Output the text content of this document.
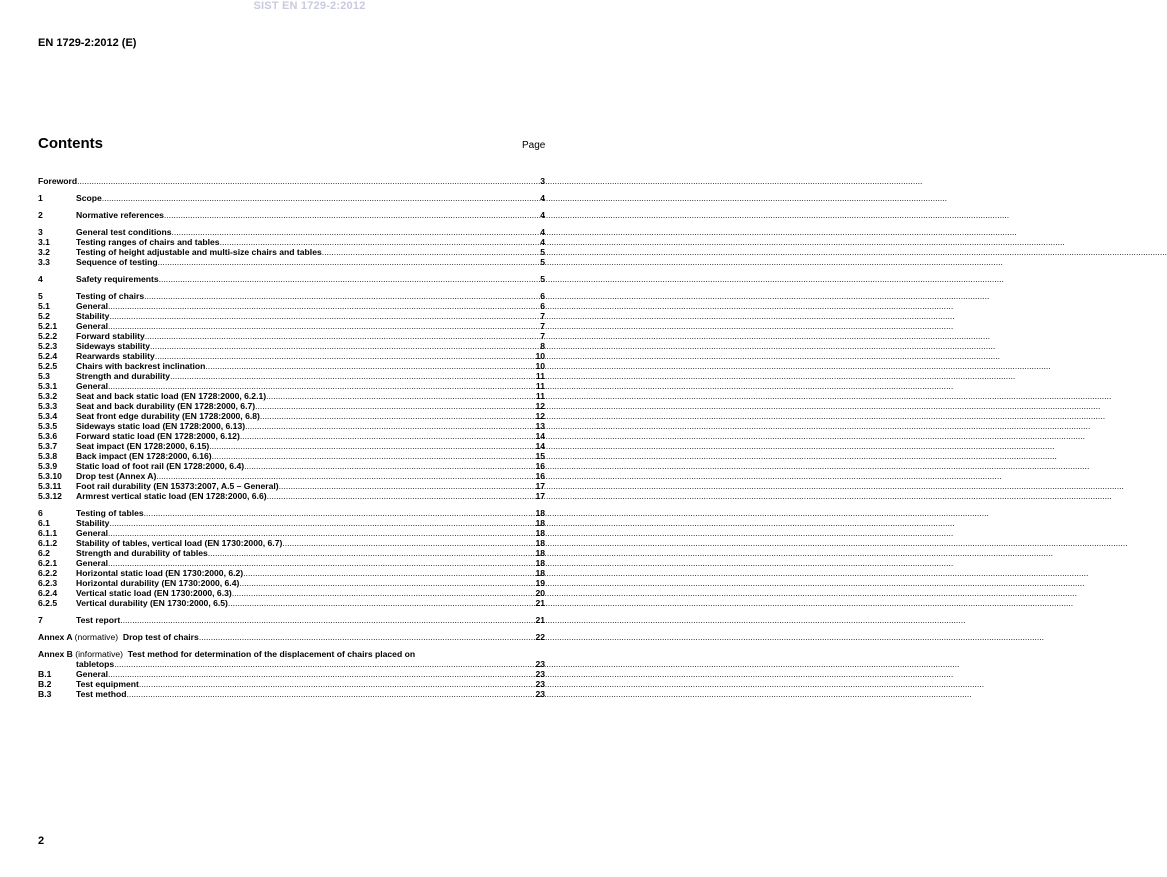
SIST EN 1729-2:2012
EN 1729-2:2012 (E)
Contents	Page
Foreword .....	3
1	Scope .....	4
2	Normative references .....	4
3	General test conditions .....	4
3.1	Testing ranges of chairs and tables .....	4
3.2	Testing of height adjustable and multi-size chairs and tables .....	5
3.3	Sequence of testing .....	5
4	Safety requirements .....	5
5	Testing of chairs .....	6
5.1	General .....	6
5.2	Stability .....	7
5.2.1	General .....	7
5.2.2	Forward stability .....	7
5.2.3	Sideways stability .....	8
5.2.4	Rearwards stability .....	10
5.2.5	Chairs with backrest inclination .....	10
5.3	Strength and durability .....	11
5.3.1	General .....	11
5.3.2	Seat and back static load (EN 1728:2000, 6.2.1) .....	11
5.3.3	Seat and back durability (EN 1728:2000, 6.7) .....	12
5.3.4	Seat front edge durability (EN 1728:2000, 6.8) .....	12
5.3.5	Sideways static load (EN 1728:2000, 6.13) .....	13
5.3.6	Forward static load (EN 1728:2000, 6.12) .....	14
5.3.7	Seat impact (EN 1728:2000, 6.15) .....	14
5.3.8	Back impact (EN 1728:2000, 6.16) .....	15
5.3.9	Static load of foot rail (EN 1728:2000, 6.4) .....	16
5.3.10	Drop test (Annex A) .....	16
5.3.11	Foot rail durability (EN 15373:2007, A.5 – General) .....	17
5.3.12	Armrest vertical static load (EN 1728:2000, 6.6) .....	17
6	Testing of tables .....	18
6.1	Stability .....	18
6.1.1	General .....	18
6.1.2	Stability of tables, vertical load (EN 1730:2000, 6.7) .....	18
6.2	Strength and durability of tables .....	18
6.2.1	General .....	18
6.2.2	Horizontal static load (EN 1730:2000, 6.2) .....	18
6.2.3	Horizontal durability (EN 1730:2000, 6.4) .....	19
6.2.4	Vertical static load (EN 1730:2000, 6.3) .....	20
6.2.5	Vertical durability (EN 1730:2000, 6.5) .....	21
7	Test report .....	21
Annex A (normative) Drop test of chairs .....	22
Annex B (informative) Test method for determination of the displacement of chairs placed on
tabletops .....	23
B.1	General .....	23
B.2	Test equipment .....	23
B.3	Test method .....	23
2
